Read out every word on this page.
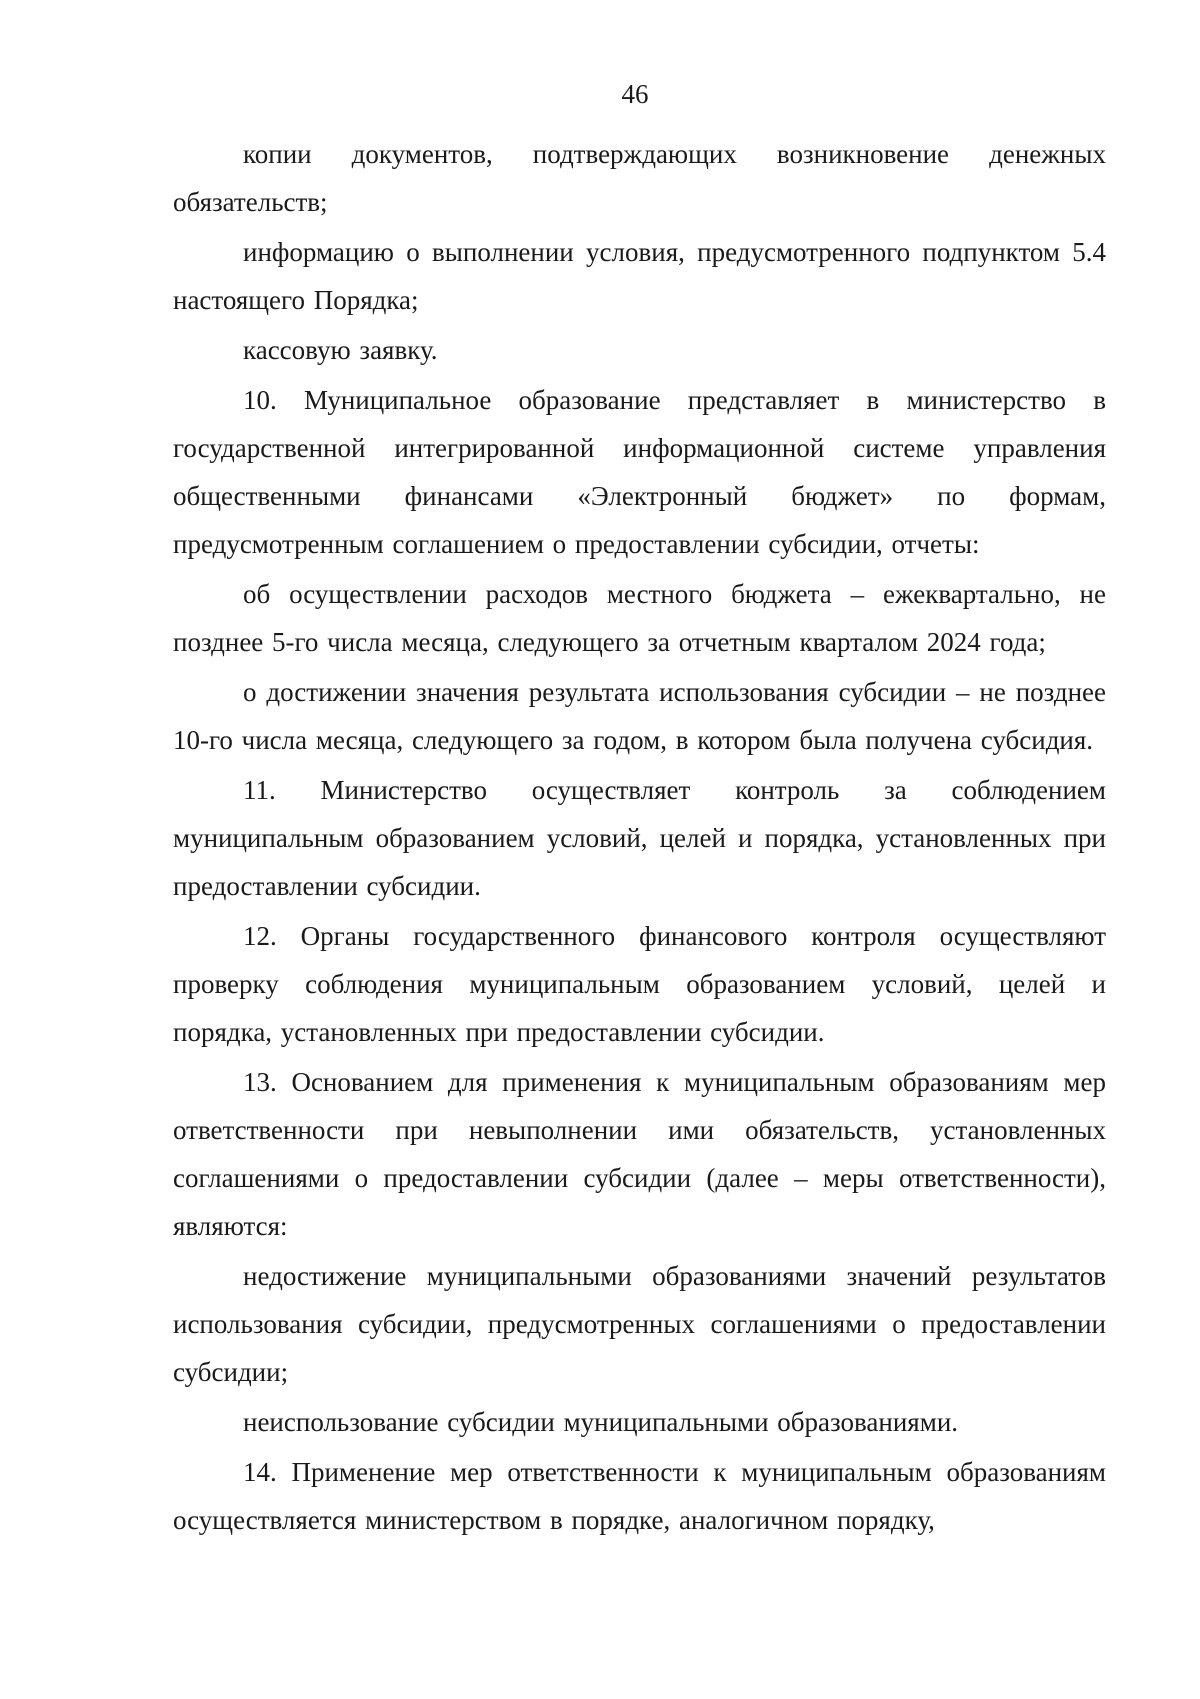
46

копии документов, подтверждающих возникновение денежных обязательств;

информацию о выполнении условия, предусмотренного подпунктом 5.4 настоящего Порядка;

кассовую заявку.

10. Муниципальное образование представляет в министерство в государственной интегрированной информационной системе управления общественными финансами «Электронный бюджет» по формам, предусмотренным соглашением о предоставлении субсидии, отчеты:

об осуществлении расходов местного бюджета – ежеквартально, не позднее 5-го числа месяца, следующего за отчетным кварталом 2024 года;

о достижении значения результата использования субсидии – не позднее 10-го числа месяца, следующего за годом, в котором была получена субсидия.

11. Министерство осуществляет контроль за соблюдением муниципальным образованием условий, целей и порядка, установленных при предоставлении субсидии.

12. Органы государственного финансового контроля осуществляют проверку соблюдения муниципальным образованием условий, целей и порядка, установленных при предоставлении субсидии.

13. Основанием для применения к муниципальным образованиям мер ответственности при невыполнении ими обязательств, установленных соглашениями о предоставлении субсидии (далее – меры ответственности), являются:

недостижение муниципальными образованиями значений результатов использования субсидии, предусмотренных соглашениями о предоставлении субсидии;

неиспользование субсидии муниципальными образованиями.

14. Применение мер ответственности к муниципальным образованиям осуществляется министерством в порядке, аналогичном порядку,
